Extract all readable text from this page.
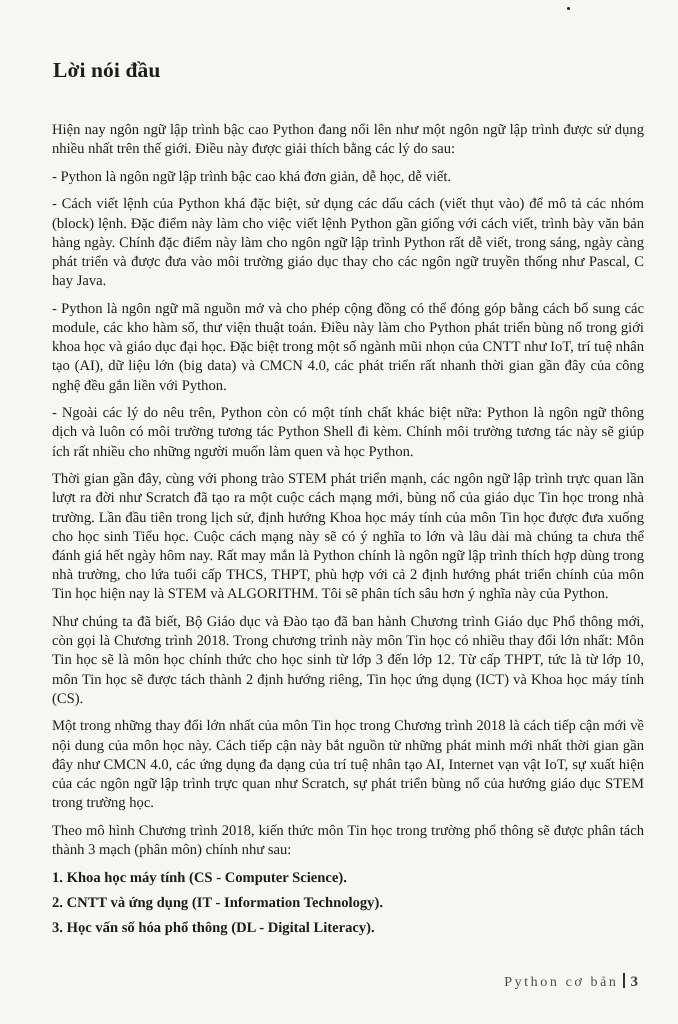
Lời nói đầu

Hiện nay ngôn ngữ lập trình bậc cao Python đang nổi lên như một ngôn ngữ lập trình được sử dụng nhiều nhất trên thế giới. Điều này được giải thích bằng các lý do sau:

- Python là ngôn ngữ lập trình bậc cao khá đơn giản, dễ học, dễ viết.

- Cách viết lệnh của Python khá đặc biệt, sử dụng các dấu cách (viết thụt vào) để mô tả các nhóm (block) lệnh. Đặc điểm này làm cho việc viết lệnh Python gần giống với cách viết, trình bày văn bản hàng ngày. Chính đặc điểm này làm cho ngôn ngữ lập trình Python rất dễ viết, trong sáng, ngày càng phát triển và được đưa vào môi trường giáo dục thay cho các ngôn ngữ truyền thống như Pascal, C hay Java.

- Python là ngôn ngữ mã nguồn mở và cho phép cộng đồng có thể đóng góp bằng cách bổ sung các module, các kho hàm số, thư viện thuật toán. Điều này làm cho Python phát triển bùng nổ trong giới khoa học và giáo dục đại học. Đặc biệt trong một số ngành mũi nhọn của CNTT như IoT, trí tuệ nhân tạo (AI), dữ liệu lớn (big data) và CMCN 4.0, các phát triển rất nhanh thời gian gần đây của công nghệ đều gắn liền với Python.

- Ngoài các lý do nêu trên, Python còn có một tính chất khác biệt nữa: Python là ngôn ngữ thông dịch và luôn có môi trường tương tác Python Shell đi kèm. Chính môi trường tương tác này sẽ giúp ích rất nhiều cho những người muốn làm quen và học Python.

Thời gian gần đây, cùng với phong trào STEM phát triển mạnh, các ngôn ngữ lập trình trực quan lần lượt ra đời như Scratch đã tạo ra một cuộc cách mạng mới, bùng nổ của giáo dục Tin học trong nhà trường. Lần đầu tiên trong lịch sử, định hướng Khoa học máy tính của môn Tin học được đưa xuống cho học sinh Tiểu học. Cuộc cách mạng này sẽ có ý nghĩa to lớn và lâu dài mà chúng ta chưa thể đánh giá hết ngày hôm nay. Rất may mắn là Python chính là ngôn ngữ lập trình thích hợp dùng trong nhà trường, cho lứa tuổi cấp THCS, THPT, phù hợp với cả 2 định hướng phát triển chính của môn Tin học hiện nay là STEM và ALGORITHM. Tôi sẽ phân tích sâu hơn ý nghĩa này của Python.

Như chúng ta đã biết, Bộ Giáo dục và Đào tạo đã ban hành Chương trình Giáo dục Phổ thông mới, còn gọi là Chương trình 2018. Trong chương trình này môn Tin học có nhiều thay đổi lớn nhất: Môn Tin học sẽ là môn học chính thức cho học sinh từ lớp 3 đến lớp 12. Từ cấp THPT, tức là từ lớp 10, môn Tin học sẽ được tách thành 2 định hướng riêng, Tin học ứng dụng (ICT) và Khoa học máy tính (CS).

Một trong những thay đổi lớn nhất của môn Tin học trong Chương trình 2018 là cách tiếp cận mới về nội dung của môn học này. Cách tiếp cận này bắt nguồn từ những phát minh mới nhất thời gian gần đây như CMCN 4.0, các ứng dụng đa dạng của trí tuệ nhân tạo AI, Internet vạn vật IoT, sự xuất hiện của các ngôn ngữ lập trình trực quan như Scratch, sự phát triển bùng nổ của hướng giáo dục STEM trong trường học.

Theo mô hình Chương trình 2018, kiến thức môn Tin học trong trường phổ thông sẽ được phân tách thành 3 mạch (phân môn) chính như sau:

1. Khoa học máy tính (CS - Computer Science).

2. CNTT và ứng dụng (IT - Information Technology).

3. Học vấn số hóa phổ thông (DL - Digital Literacy).

Python cơ bản 3
